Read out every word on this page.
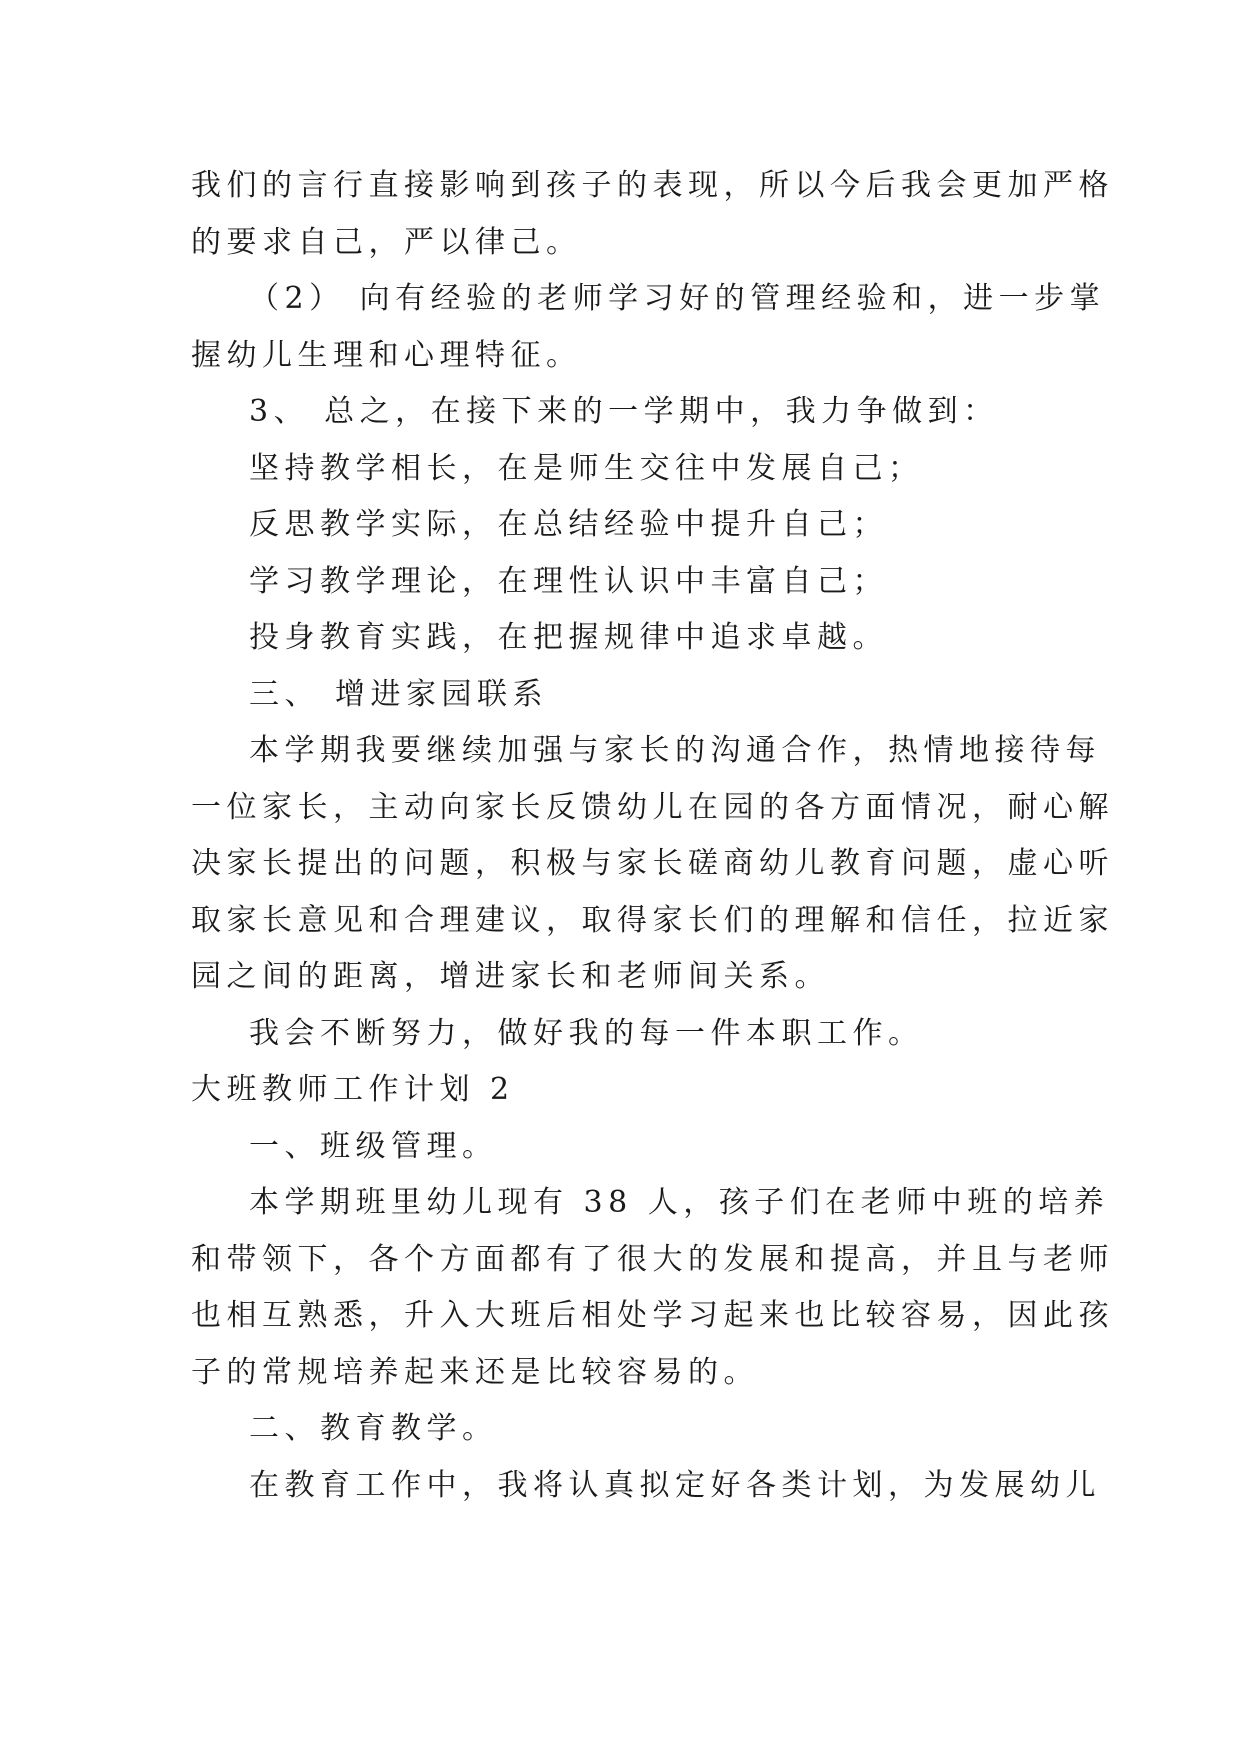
我们的言行直接影响到孩子的表现，所以今后我会更加严格
的要求自己，严以律己。
（2） 向有经验的老师学习好的管理经验和，进一步掌
握幼儿生理和心理特征。
3、 总之，在接下来的一学期中，我力争做到：
坚持教学相长，在是师生交往中发展自己；
反思教学实际，在总结经验中提升自己；
学习教学理论，在理性认识中丰富自己；
投身教育实践，在把握规律中追求卓越。
三、 增进家园联系
本学期我要继续加强与家长的沟通合作，热情地接待每
一位家长，主动向家长反馈幼儿在园的各方面情况，耐心解
决家长提出的问题，积极与家长磋商幼儿教育问题，虚心听
取家长意见和合理建议，取得家长们的理解和信任，拉近家
园之间的距离，增进家长和老师间关系。
我会不断努力，做好我的每一件本职工作。
大班教师工作计划 2
一、班级管理。
本学期班里幼儿现有 38 人，孩子们在老师中班的培养
和带领下，各个方面都有了很大的发展和提高，并且与老师
也相互熟悉，升入大班后相处学习起来也比较容易，因此孩
子的常规培养起来还是比较容易的。
二、教育教学。
在教育工作中，我将认真拟定好各类计划，为发展幼儿
